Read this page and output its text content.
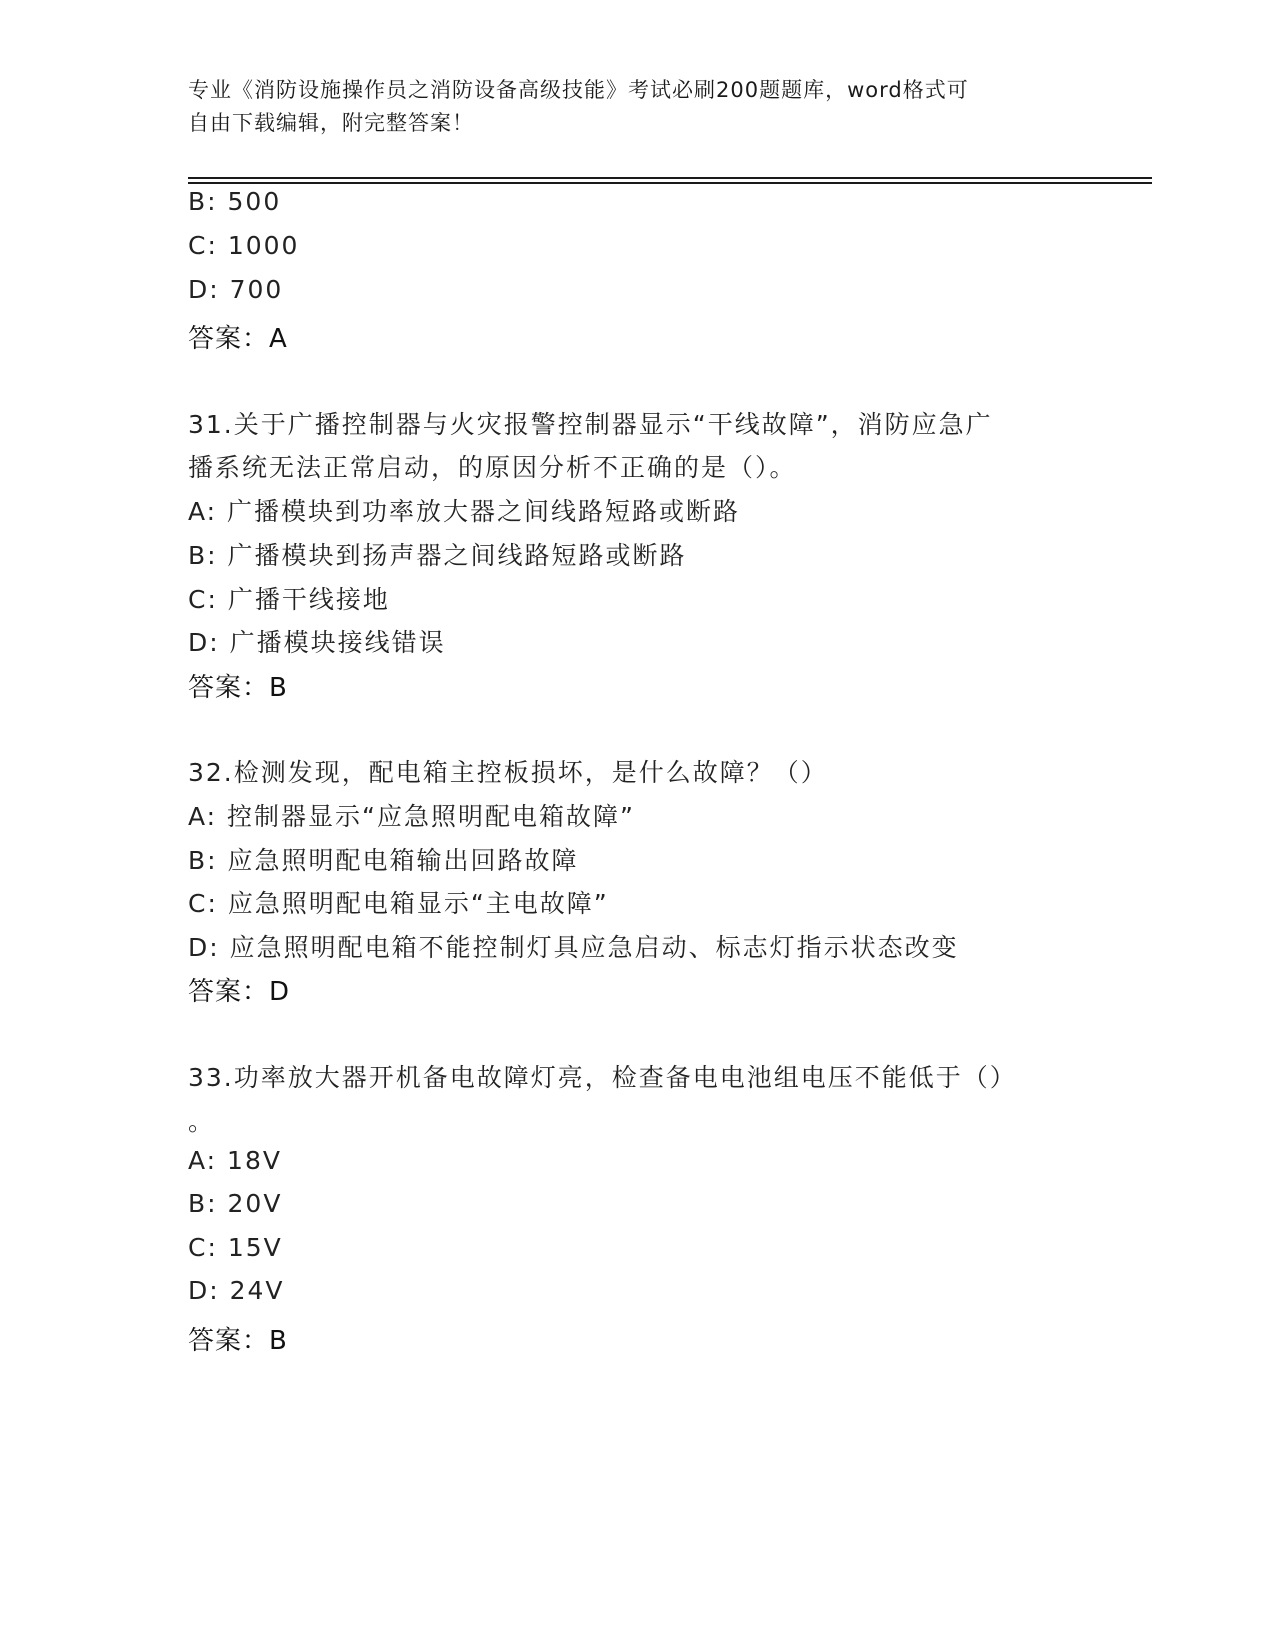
专业《消防设施操作员之消防设备高级技能》考试必刷200题题库，word格式可
自由下载编辑，附完整答案！
B: 500
C: 1000
D: 700
答案：A
31.关于广播控制器与火灾报警控制器显示“干线故障”，消防应急广
播系统无法正常启动，的原因分析不正确的是（）。
A: 广播模块到功率放大器之间线路短路或断路
B: 广播模块到扬声器之间线路短路或断路
C: 广播干线接地
D: 广播模块接线错误
答案：B
32.检测发现，配电箱主控板损坏，是什么故障？（）
A: 控制器显示“应急照明配电箱故障”
B: 应急照明配电箱输出回路故障
C: 应急照明配电箱显示“主电故障”
D: 应急照明配电箱不能控制灯具应急启动、标志灯指示状态改变
答案：D
33.功率放大器开机备电故障灯亮，检查备电电池组电压不能低于（）
。
A: 18V
B: 20V
C: 15V
D: 24V
答案：B
